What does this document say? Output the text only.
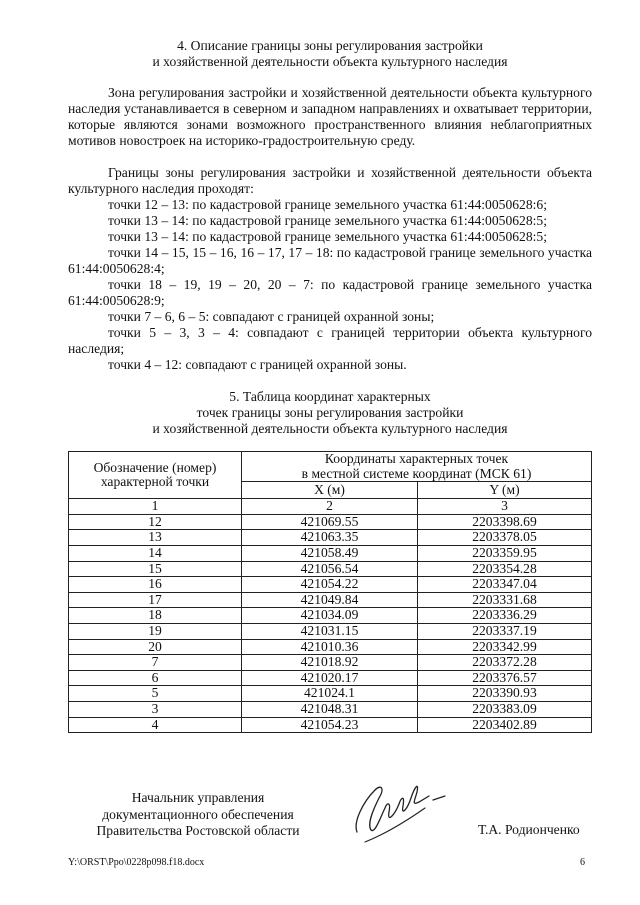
4. Описание границы зоны регулирования застройки
и хозяйственной деятельности объекта культурного наследия
Зона регулирования застройки и хозяйственной деятельности объекта культурного наследия устанавливается в северном и западном направлениях и охватывает территории, которые являются зонами возможного пространственного влияния неблагоприятных мотивов новостроек на историко-градостроительную среду.
Границы зоны регулирования застройки и хозяйственной деятельности объекта культурного наследия проходят:
точки 12 – 13: по кадастровой границе земельного участка 61:44:0050628:6;
точки 13 – 14: по кадастровой границе земельного участка 61:44:0050628:5;
точки 13 – 14: по кадастровой границе земельного участка 61:44:0050628:5;
точки 14 – 15, 15 – 16, 16 – 17, 17 – 18: по кадастровой границе земельного участка 61:44:0050628:4;
точки 18 – 19, 19 – 20, 20 – 7: по кадастровой границе земельного участка 61:44:0050628:9;
точки 7 – 6, 6 – 5: совпадают с границей охранной зоны;
точки 5 – 3, 3 – 4: совпадают с границей территории объекта культурного наследия;
точки 4 – 12: совпадают с границей охранной зоны.
5. Таблица координат характерных
точек границы зоны регулирования застройки
и хозяйственной деятельности объекта культурного наследия
Обозначение (номер) характерной точки	Координаты характерных точек
в местной системе координат (МСК 61)	

	X (м)	Y (м)
1	2	3
12	421069.55	2203398.69
13	421063.35	2203378.05
14	421058.49	2203359.95
15	421056.54	2203354.28
16	421054.22	2203347.04
17	421049.84	2203331.68
18	421034.09	2203336.29
19	421031.15	2203337.19
20	421010.36	2203342.99
7	421018.92	2203372.28
6	421020.17	2203376.57
5	421024.1	2203390.93
3	421048.31	2203383.09
4	421054.23	2203402.89
Начальник управления
документационного обеспечения
Правительства Ростовской области	Т.А. Родионченко
Y:\ORST\Ppo\0228p098.f18.docx	6
